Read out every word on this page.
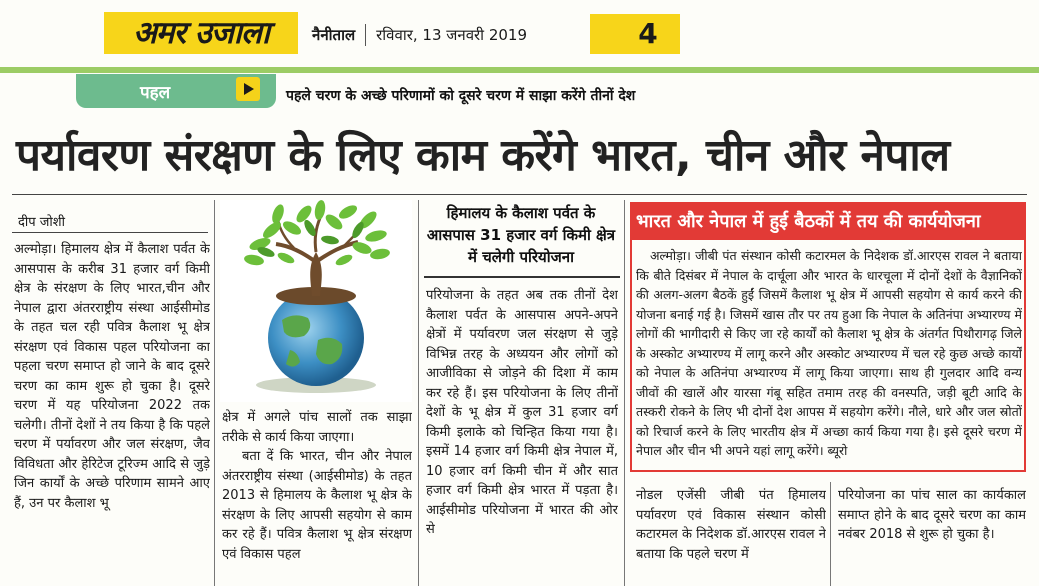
अमर उजाला	नैनीताल रविवार, 13 जनवरी 2019	4
पहल	पहले चरण के अच्छे परिणामों को दूसरे चरण में साझा करेंगे तीनों देश
पर्यावरण संरक्षण के लिए काम करेंगे भारत, चीन और नेपाल
दीप जोशी

अल्मोड़ा। हिमालय क्षेत्र में कैलाश पर्वत के आसपास के करीब 31 हजार वर्ग किमी क्षेत्र के संरक्षण के लिए भारत,चीन और नेपाल द्वारा अंतरराष्ट्रीय संस्था आईसीमोड के तहत चल रही पवित्र कैलाश भू क्षेत्र संरक्षण एवं विकास पहल परियोजना का पहला चरण समाप्त हो जाने के बाद दूसरे चरण का काम शुरू हो चुका है। दूसरे चरण में यह परियोजना 2022 तक चलेगी। तीनों देशों ने तय किया है कि पहले चरण में पर्यावरण और जल संरक्षण, जैव विविधता और हेरिटेज टूरिज्म आदि से जुड़े जिन कार्यों के अच्छे परिणाम सामने आए हैं, उन पर कैलाश भू

क्षेत्र में अगले पांच सालों तक साझा तरीके से कार्य किया जाएगा।

बता दें कि भारत, चीन और नेपाल अंतरराष्ट्रीय संस्था (आईसीमोड) के तहत 2013 से हिमालय के कैलाश भू क्षेत्र के संरक्षण के लिए आपसी सहयोग से काम कर रहे हैं। पवित्र कैलाश भू क्षेत्र संरक्षण एवं विकास पहल

हिमालय के कैलाश पर्वत के आसपास 31 हजार वर्ग किमी क्षेत्र में चलेगी परियोजना

परियोजना के तहत अब तक तीनों देश कैलाश पर्वत के आसपास अपने-अपने क्षेत्रों में पर्यावरण जल संरक्षण से जुड़े विभिन्न तरह के अध्ययन और लोगों को आजीविका से जोड़ने की दिशा में काम कर रहे हैं। इस परियोजना के लिए तीनों देशों के भू क्षेत्र में कुल 31 हजार वर्ग किमी इलाके को चिन्हित किया गया है। इसमें 14 हजार वर्ग किमी क्षेत्र नेपाल में, 10 हजार वर्ग किमी चीन में और सात हजार वर्ग किमी क्षेत्र भारत में पड़ता है। आईसीमोड परियोजना में भारत की ओर से

भारत और नेपाल में हुई बैठकों में तय की कार्ययोजना

अल्मोड़ा। जीबी पंत संस्थान कोसी कटारमल के निदेशक डॉ.आरएस रावल ने बताया कि बीते दिसंबर में नेपाल के दार्चूला और भारत के धारचूला में दोनों देशों के वैज्ञानिकों की अलग-अलग बैठकें हुईं जिसमें कैलाश भू क्षेत्र में आपसी सहयोग से कार्य करने की योजना बनाई गई है। जिसमें खास तौर पर तय हुआ कि नेपाल के अतिनंपा अभ्यारण्य में लोगों की भागीदारी से किए जा रहे कार्यों को कैलाश भू क्षेत्र के अंतर्गत पिथौरागढ़ जिले के अस्कोट अभ्यारण्य में लागू करने और अस्कोट अभ्यारण्य में चल रहे कुछ अच्छे कार्यों को नेपाल के अतिनंपा अभ्यारण्य में लागू किया जाएगा। साथ ही गुलदार आदि वन्य जीवों की खालें और यारसा गंबू सहित तमाम तरह की वनस्पति, जड़ी बूटी आदि के तस्करी रोकने के लिए भी दोनों देश आपस में सहयोग करेंगे। नौले, धारे और जल स्रोतों को रिचार्ज करने के लिए भारतीय क्षेत्र में अच्छा कार्य किया गया है। इसे दूसरे चरण में नेपाल और चीन भी अपने यहां लागू करेंगे। ब्यूरो

नोडल एजेंसी जीबी पंत हिमालय पर्यावरण एवं विकास संस्थान कोसी कटारमल के निदेशक डॉ.आरएस रावल ने बताया कि पहले चरण में

परियोजना का पांच साल का कार्यकाल समाप्त होने के बाद दूसरे चरण का काम नवंबर 2018 से शुरू हो चुका है।
